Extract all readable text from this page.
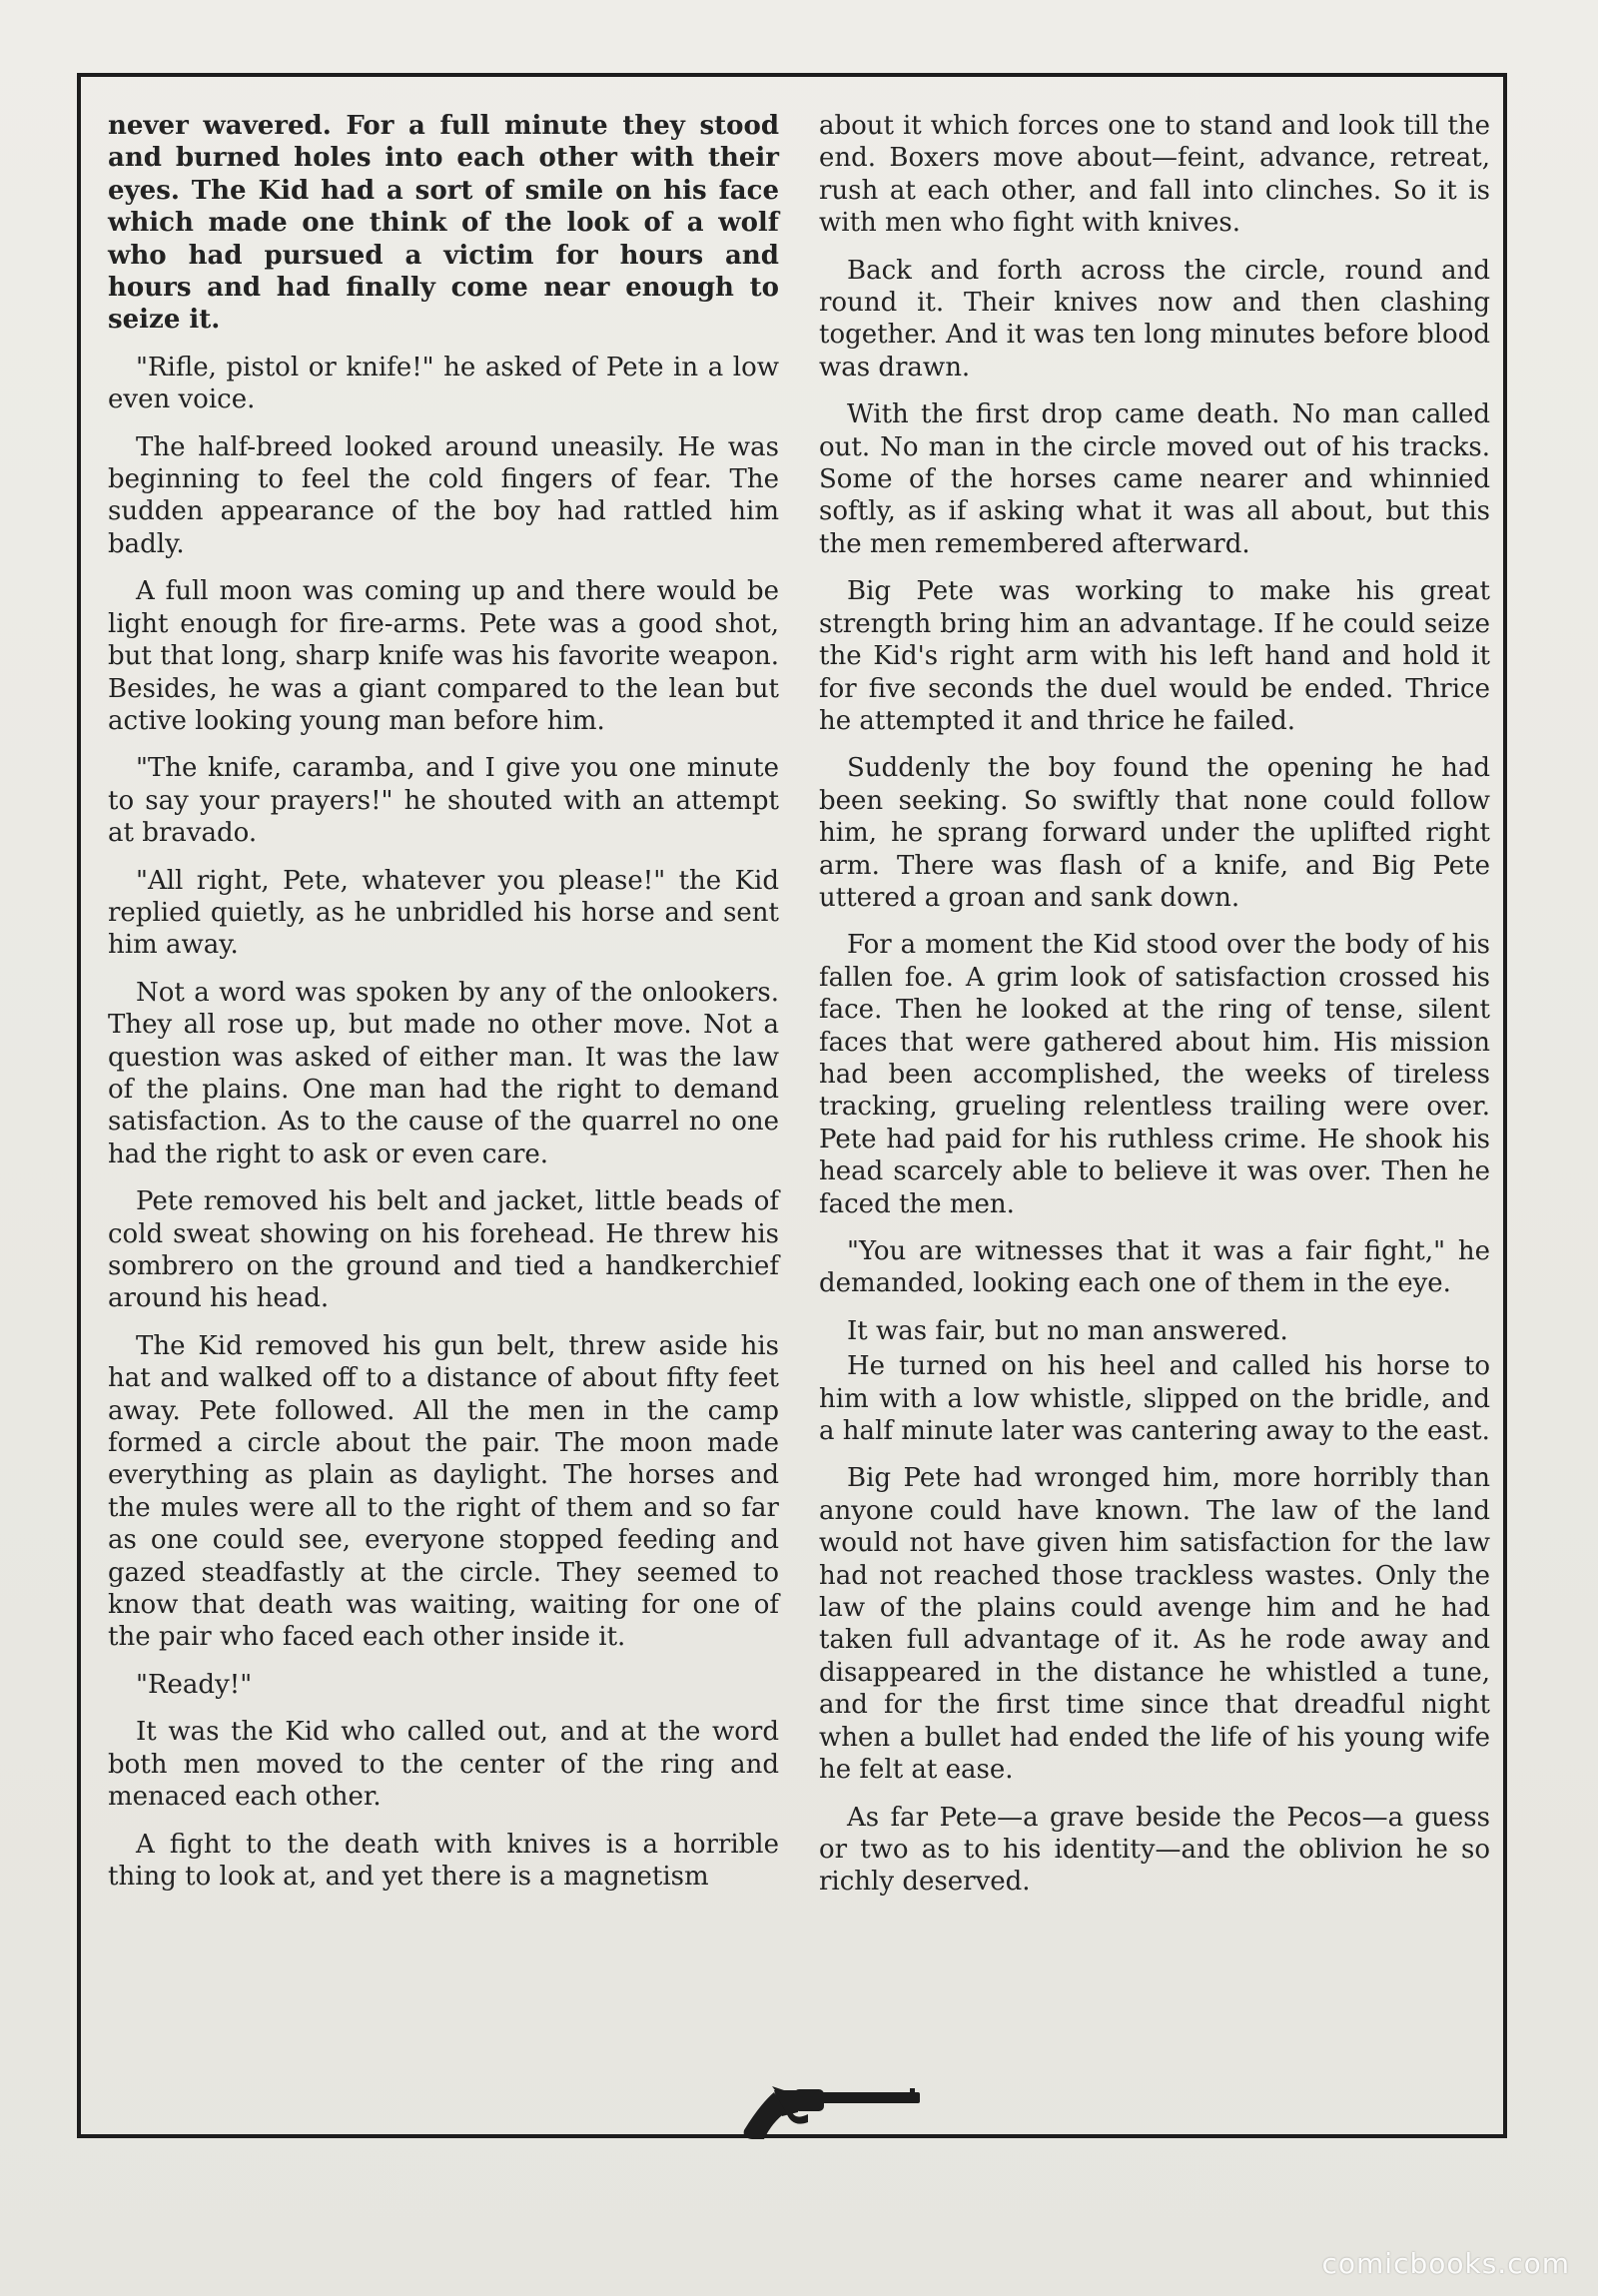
never wavered. For a full minute they stood and burned holes into each other with their eyes. The Kid had a sort of smile on his face which made one think of the look of a wolf who had pursued a victim for hours and hours and had finally come near enough to seize it.

"Rifle, pistol or knife!" he asked of Pete in a low even voice.

The half-breed looked around uneasily. He was beginning to feel the cold fingers of fear. The sudden appearance of the boy had rattled him badly.

A full moon was coming up and there would be light enough for fire-arms. Pete was a good shot, but that long, sharp knife was his favorite weapon. Besides, he was a giant compared to the lean but active looking young man before him.

"The knife, caramba, and I give you one minute to say your prayers!" he shouted with an attempt at bravado.

"All right, Pete, whatever you please!" the Kid replied quietly, as he unbridled his horse and sent him away.

Not a word was spoken by any of the onlookers. They all rose up, but made no other move. Not a question was asked of either man. It was the law of the plains. One man had the right to demand satisfaction. As to the cause of the quarrel no one had the right to ask or even care.

Pete removed his belt and jacket, little beads of cold sweat showing on his forehead. He threw his sombrero on the ground and tied a handkerchief around his head.

The Kid removed his gun belt, threw aside his hat and walked off to a distance of about fifty feet away. Pete followed. All the men in the camp formed a circle about the pair. The moon made everything as plain as daylight. The horses and the mules were all to the right of them and so far as one could see, everyone stopped feeding and gazed steadfastly at the circle. They seemed to know that death was waiting, waiting for one of the pair who faced each other inside it.

"Ready!"

It was the Kid who called out, and at the word both men moved to the center of the ring and menaced each other.

A fight to the death with knives is a horrible thing to look at, and yet there is a magnetism

about it which forces one to stand and look till the end. Boxers move about—feint, advance, retreat, rush at each other, and fall into clinches. So it is with men who fight with knives.

Back and forth across the circle, round and round it. Their knives now and then clashing together. And it was ten long minutes before blood was drawn.

With the first drop came death. No man called out. No man in the circle moved out of his tracks. Some of the horses came nearer and whinnied softly, as if asking what it was all about, but this the men remembered afterward.

Big Pete was working to make his great strength bring him an advantage. If he could seize the Kid's right arm with his left hand and hold it for five seconds the duel would be ended. Thrice he attempted it and thrice he failed.

Suddenly the boy found the opening he had been seeking. So swiftly that none could follow him, he sprang forward under the uplifted right arm. There was flash of a knife, and Big Pete uttered a groan and sank down.

For a moment the Kid stood over the body of his fallen foe. A grim look of satisfaction crossed his face. Then he looked at the ring of tense, silent faces that were gathered about him. His mission had been accomplished, the weeks of tireless tracking, grueling relentless trailing were over. Pete had paid for his ruthless crime. He shook his head scarcely able to believe it was over. Then he faced the men.

"You are witnesses that it was a fair fight," he demanded, looking each one of them in the eye.

It was fair, but no man answered.

He turned on his heel and called his horse to him with a low whistle, slipped on the bridle, and a half minute later was cantering away to the east.

Big Pete had wronged him, more horribly than anyone could have known. The law of the land would not have given him satisfaction for the law had not reached those trackless wastes. Only the law of the plains could avenge him and he had taken full advantage of it. As he rode away and disappeared in the distance he whistled a tune, and for the first time since that dreadful night when a bullet had ended the life of his young wife he felt at ease.

As far Pete—a grave beside the Pecos—a guess or two as to his identity—and the oblivion he so richly deserved.

comicbooks.com
